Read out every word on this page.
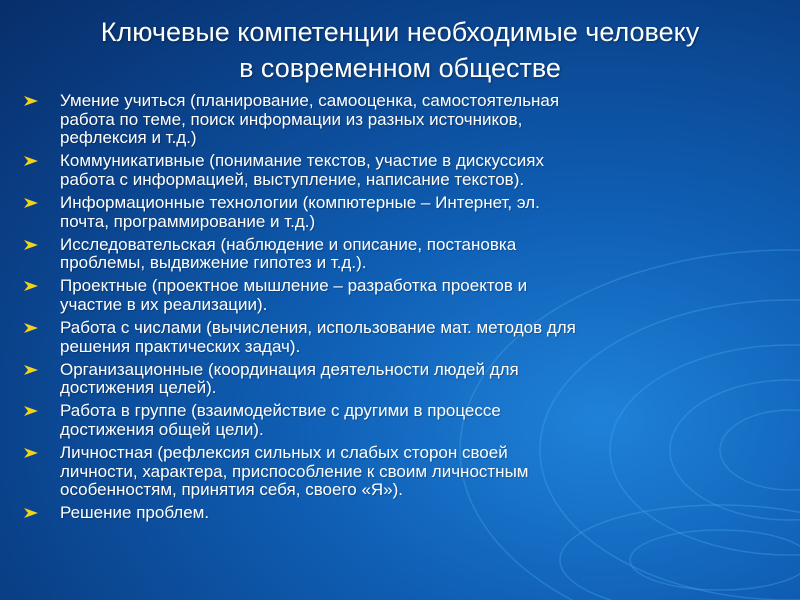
Ключевые компетенции необходимые человеку
в современном обществе
Умение учиться (планирование, самооценка, самостоятельная
работа по теме, поиск информации из разных источников,
рефлексия и т.д.)
Коммуникативные (понимание текстов, участие в дискуссиях
работа с информацией, выступление, написание текстов).
Информационные технологии (компютерные – Интернет, эл.
почта, программирование и т.д.)
Исследовательская (наблюдение и описание, постановка
проблемы, выдвижение гипотез и т.д.).
Проектные (проектное мышление – разработка проектов и
участие в их реализации).
Работа с числами (вычисления, использование мат. методов для
решения практических задач).
Организационные (координация деятельности людей для
достижения целей).
Работа в группе (взаимодействие с другими в процессе
достижения общей цели).
Личностная (рефлексия сильных и слабых сторон своей
личности, характера, приспособление к своим личностным
особенностям, принятия себя, своего «Я»).
Решение проблем.
